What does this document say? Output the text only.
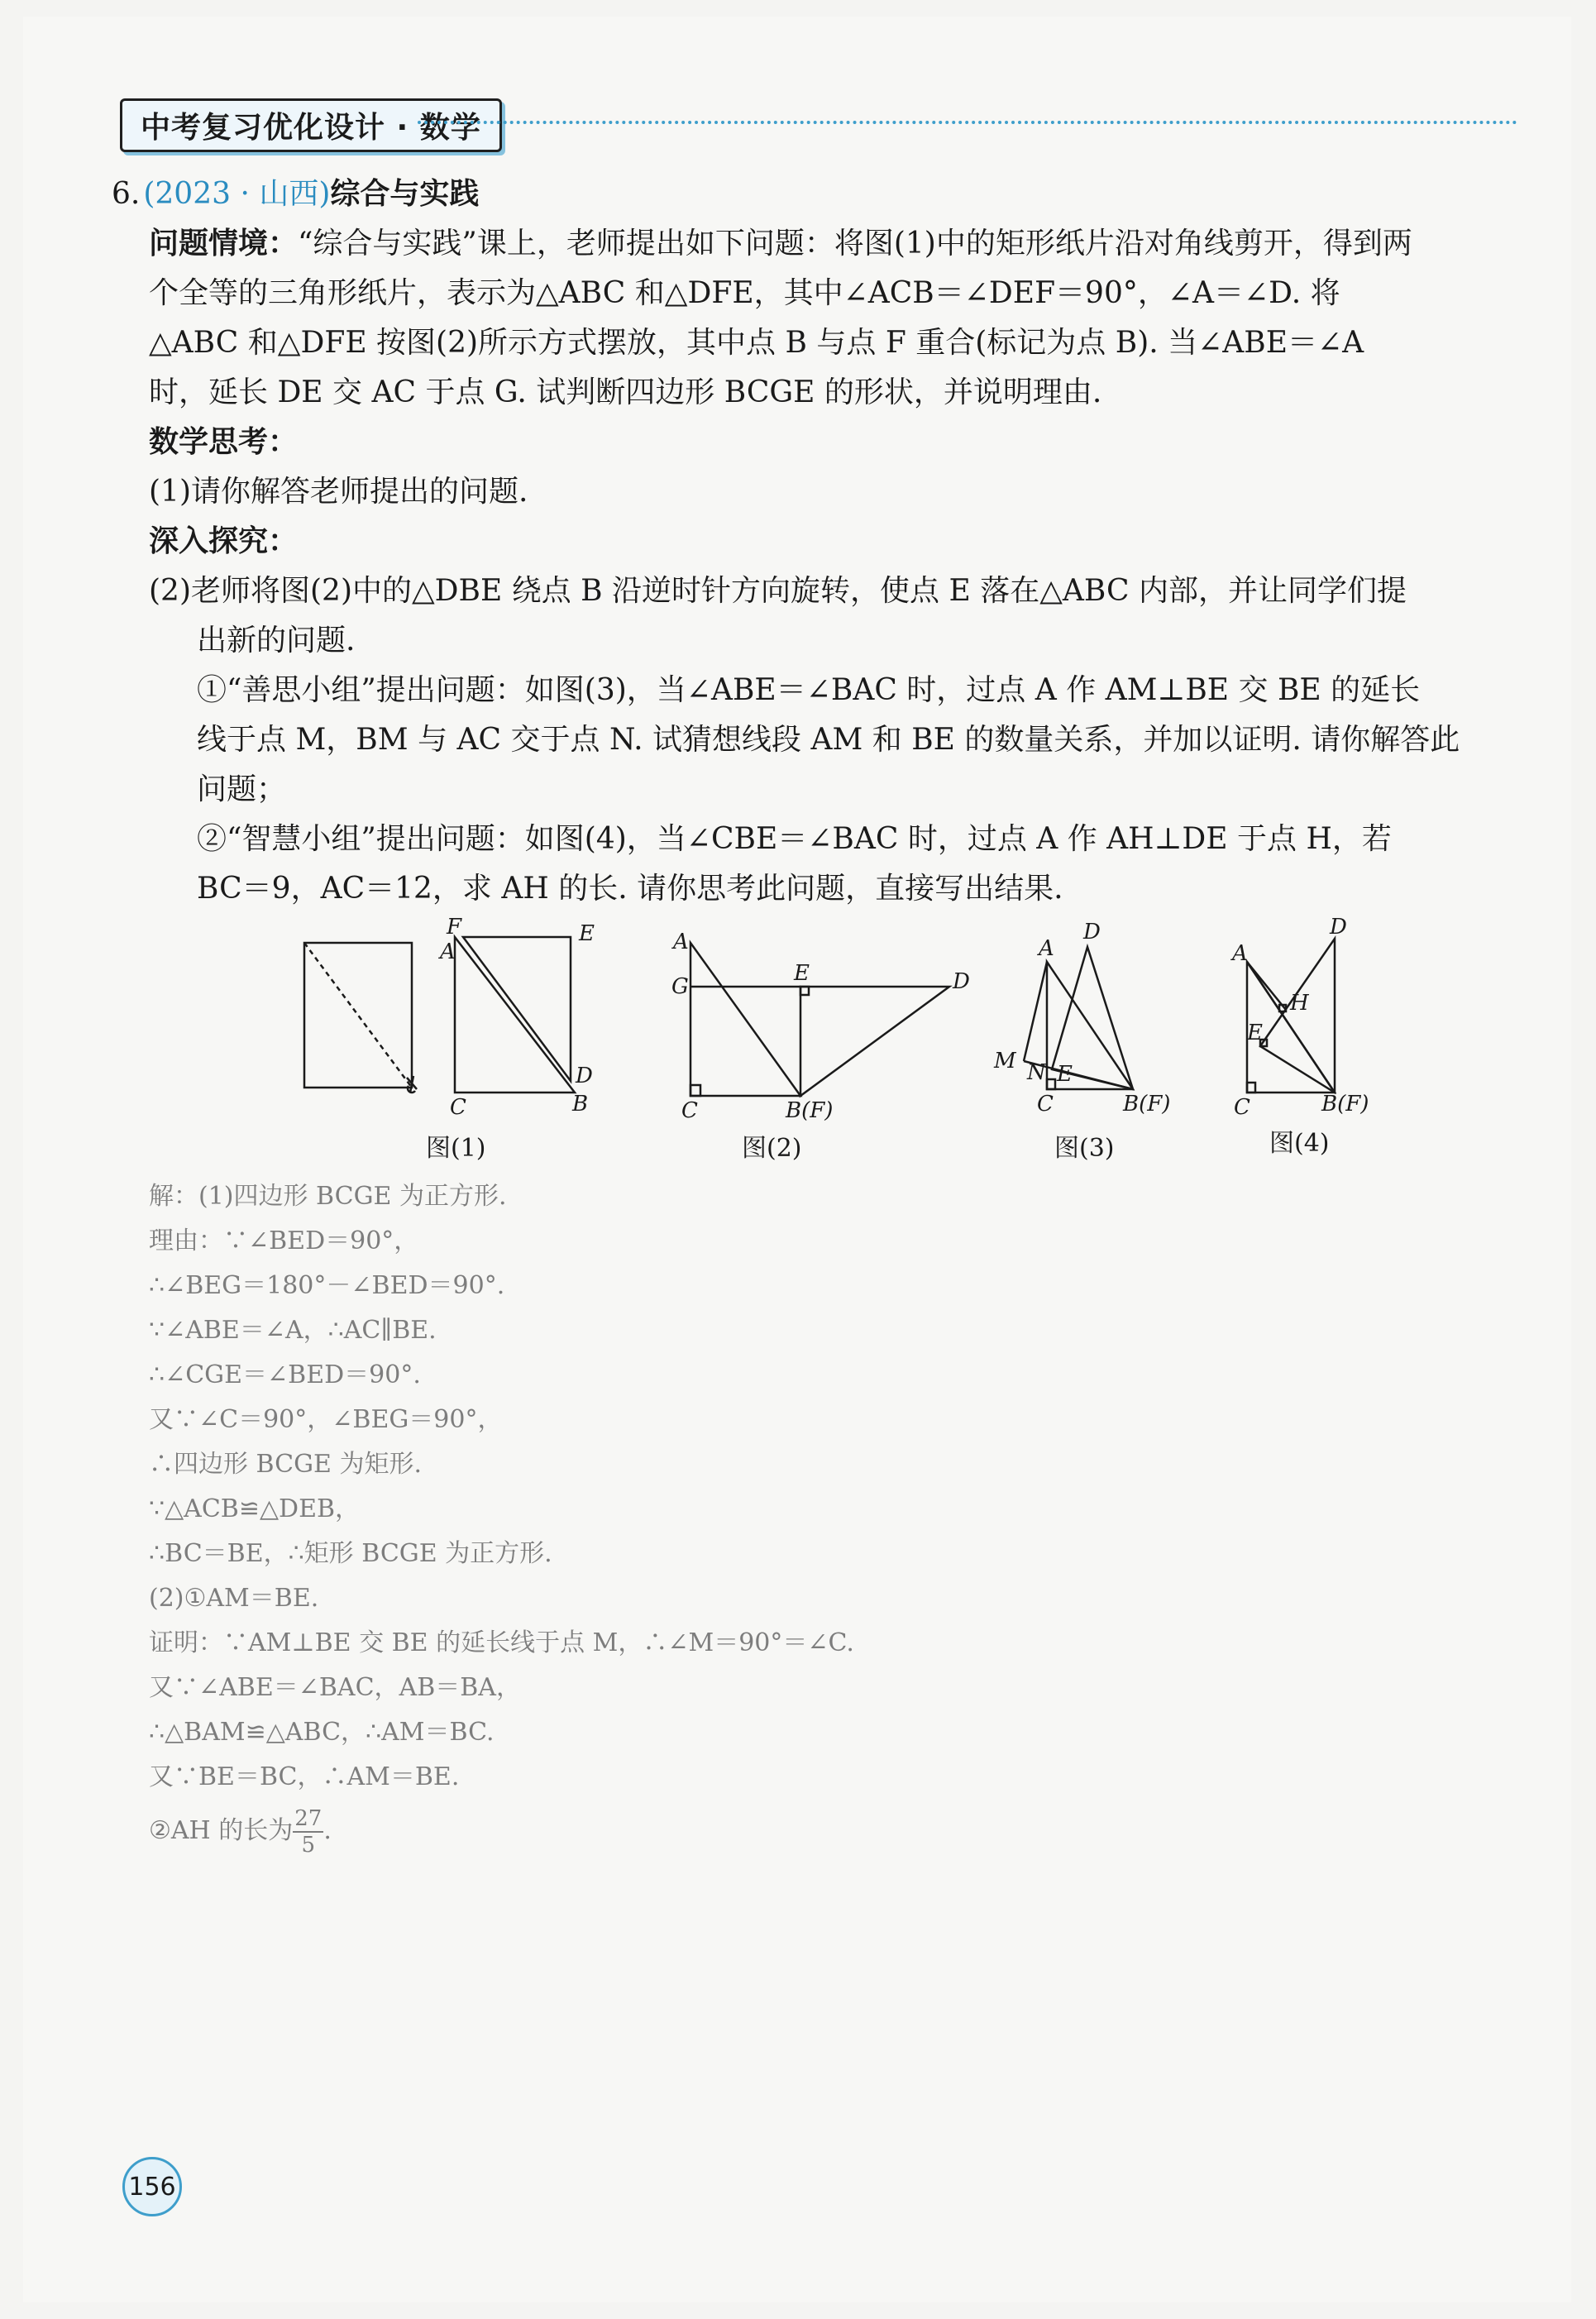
中考复习优化设计 · 数学
6. (2023 · 山西) 综合与实践
问题情境：“综合与实践”课上，老师提出如下问题：将图(1)中的矩形纸片沿对角线剪开，得到两
个全等的三角形纸片，表示为△ABC 和△DFE，其中∠ACB＝∠DEF＝90°，∠A＝∠D. 将
△ABC 和△DFE 按图(2)所示方式摆放，其中点 B 与点 F 重合(标记为点 B). 当∠ABE＝∠A
时，延长 DE 交 AC 于点 G. 试判断四边形 BCGE 的形状，并说明理由.
数学思考：
(1)请你解答老师提出的问题.
深入探究：
(2)老师将图(2)中的△DBE 绕点 B 沿逆时针方向旋转，使点 E 落在△ABC 内部，并让同学们提
出新的问题.
①“善思小组”提出问题：如图(3)，当∠ABE＝∠BAC 时，过点 A 作 AM⊥BE 交 BE 的延长
线于点 M，BM 与 AC 交于点 N. 试猜想线段 AM 和 BE 的数量关系，并加以证明. 请你解答此
问题；
②“智慧小组”提出问题：如图(4)，当∠CBE＝∠BAC 时，过点 A 作 AH⊥DE 于点 H，若
BC＝9，AC＝12，求 AH 的长. 请你思考此问题，直接写出结果.
F	E
A
D
C	B
A
G
E	D
C	B(F)
A
D
M N E
C	B(F)
A
D
H
E
C	B(F)
图(1)	图(2)	图(3)	图(4)
解：(1)四边形 BCGE 为正方形.
理由：∵∠BED＝90°，
∴∠BEG＝180°－∠BED＝90°.
∵∠ABE＝∠A，∴AC∥BE.
∴∠CGE＝∠BED＝90°.
又∵∠C＝90°，∠BEG＝90°，
∴四边形 BCGE 为矩形.
∵△ACB≌△DEB，
∴BC＝BE，∴矩形 BCGE 为正方形.
(2)①AM＝BE.
证明：∵AM⊥BE 交 BE 的延长线于点 M，∴∠M＝90°＝∠C.
又∵∠ABE＝∠BAC，AB＝BA，
∴△BAM≌△ABC，∴AM＝BC.
又∵BE＝BC，∴AM＝BE.
②AH 的长为 $\frac{27}{5}$ .
156
